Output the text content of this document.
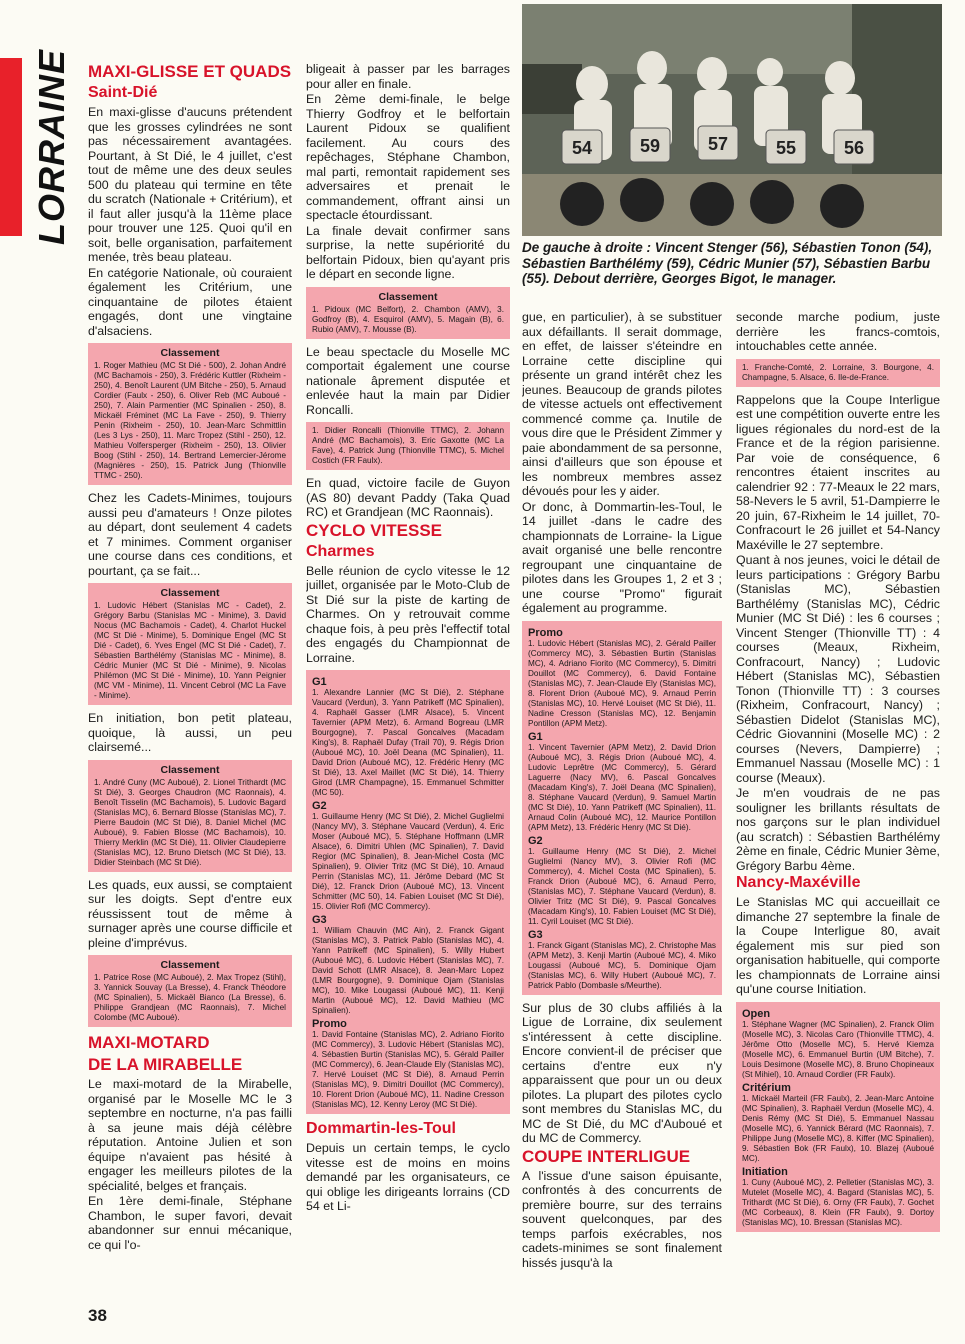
LORRAINE MAXI-GLISSE ET QUADS
Saint-Dié

En maxi-glisse d'aucuns prétendent que les grosses cylindrées ne sont pas nécessairement avantagées. Pourtant, à St Dié, le 4 juillet, c'est tout de même une des deux seules 500 du plateau qui termine en tête du scratch (Nationale + Critérium), et il faut aller jusqu'à la 11ème place pour trouver une 125. Quoi qu'il en soit, belle organisation, parfaitement menée, très beau plateau.

En catégorie Nationale, où couraient également les Critérium, une cinquantaine de pilotes étaient engagés, dont une vingtaine d'alsaciens.

Classement
1. Roger Mathieu (MC St Dié - 500), 2. Johan André (MC Bachamois - 250), 3. Frédéric Kuttler (Rixheim - 250), 4. Benoît Laurent (UM Bitche - 250), 5. Arnaud Cordier (Faulx - 250), 6. Oliver Reb (MC Auboué - 250), 7. Alain Parmentier (MC Spinalien - 250), 8. Mickaël Fréminet (MC La Fave - 250), 9. Thierry Penin (Rixheim - 250), 10. Jean-Marc Schmittlin (Les 3 Lys - 250), 11. Marc Tropez (Stihl - 250), 12. Mathieu Volfersperger (Rixheim - 250), 13. Olivier Boog (Stihl - 250), 14. Bertrand Lemercier-Jérome (Magnières - 250), 15. Patrick Jung (Thionville TTMC - 250).

Chez les Cadets-Minimes, toujours aussi peu d'amateurs ! Onze pilotes au départ, dont seulement 4 cadets et 7 minimes. Comment organiser une course dans ces conditions, et pourtant, ça se fait...

Classement
1. Ludovic Hébert (Stanislas MC - Cadet), 2. Grégory Barbu (Stanislas MC - Minime), 3. David Nocus (MC Bachamois - Cadet), 4. Charlot Huckel (MC St Dié - Minime), 5. Dominique Engel (MC St Dié - Cadet), 6. Yves Engel (MC St Dié - Cadet), 7. Sébastien Barthélémy (Stanislas MC - Minime), 8. Cédric Munier (MC St Dié - Minime), 9. Nicolas Philémon (MC St Dié - Minime), 10. Yann Peignier (MC VM - Minime), 11. Vincent Cebrol (MC La Fave - Minime).

En initiation, bon petit plateau, quoique, là aussi, un peu clairsemé...

Classement
1. André Cuny (MC Auboué), 2. Lionel Trithardt (MC St Dié), 3. Georges Chaudron (MC Raonnais), 4. Benoît Tisselin (MC Bachamois), 5. Ludovic Bagard (Stanislas MC), 6. Bernard Blosse (Stanislas MC), 7. Pierre Baudoin (MC St Dié), 8. Daniel Michel (MC Auboué), 9. Fabien Blosse (MC Bachamois), 10. Thierry Merklin (MC St Dié), 11. Olivier Claudepierre (Stanislas MC), 12. Bruno Dietsch (MC St Dié), 13. Didier Steinbach (MC St Dié).

Les quads, eux aussi, se comptaient sur les doigts. Sept d'entre eux réussissent tout de même à surnager après une course difficile et pleine d'imprévus.

Classement
1. Patrice Rose (MC Auboué), 2. Max Tropez (Stihl), 3. Yannick Souvay (La Bresse), 4. Franck Théodore (MC Spinalien), 5. Mickaël Bianco (La Bresse), 6. Philippe Grandjean (MC Raonnais), 7. Michel Colombe (MC Auboué).
MAXI-MOTARD
DE LA MIRABELLE

Le maxi-motard de la Mirabelle, organisé par le Moselle MC le 3 septembre en nocturne, n'a pas failli à sa jeune mais déjà célèbre réputation. Antoine Julien et son équipe n'avaient pas hésité à engager les meilleurs pilotes de la spécialité, belges et français.

En 1ère demi-finale, Stéphane Chambon, le super favori, devait abandonner sur ennui mécanique, ce qui l'o-

bligeait à passer par les barrages pour aller en finale.

En 2ème demi-finale, le belge Thierry Godfroy et le belfortain Laurent Pidoux se qualifient facilement. Au cours des repêchages, Stéphane Chambon, mal parti, remontait rapidement ses adversaires et prenait le commandement, offrant ainsi un spectacle étourdissant.

La finale devait confirmer sans surprise, la nette supériorité du belfortain Pidoux, bien qu'ayant pris le départ en seconde ligne.

Classement
1. Pidoux (MC Belfort), 2. Chambon (AMV), 3. Godfroy (B), 4. Esquirol (AMV), 5. Magain (B), 6. Rubio (AMV), 7. Mousse (B).

Le beau spectacle du Moselle MC comportait également une course nationale âprement disputée et enlevée haut la main par Didier Roncalli.

1. Didier Roncalli (Thionville TTMC), 2. Johann André (MC Bachamois), 3. Eric Gaxotte (MC La Fave), 4. Patrick Jung (Thionville TTMC), 5. Michel Costich (FR Faulx).

En quad, victoire facile de Guyon (AS 80) devant Paddy (Taka Quad RC) et Grandjean (MC Raonnais).

CYCLO VITESSE
Charmes

Belle réunion de cyclo vitesse le 12 juillet, organisée par le Moto-Club de St Dié sur la piste de karting de Charmes. On y retrouvait comme chaque fois, à peu près l'effectif total des engagés du Championnat de Lorraine.

G1
1. Alexandre Lannier (MC St Dié), 2. Stéphane Vaucard (Verdun), 3. Yann Patrikeff (MC Spinalien), 4. Raphaël Gasser (LMR Alsace), 5. Vincent Tavernier (APM Metz), 6. Armand Bogreau (LMR Bourgogne), 7. Pascal Goncalves (Macadam King's), 8. Raphaël Dufay (Trail 70), 9. Régis Drion (Auboué MC), 10. Joël Deana (MC Spinalien), 11. David Drion (Auboué MC), 12. Frédéric Henry (MC St Dié), 13. Axel Maillet (MC St Dié), 14. Thierry Girod (LMR Champagne), 15. Emmanuel Schmitter (MC 50).
G2
1. Guillaume Henry (MC St Dié), 2. Michel Guglielmi (Nancy MV), 3. Stéphane Vaucard (Verdun), 4. Eric Moser (Auboué MC), 5. Stéphane Hoffmann (LMR Alsace), 6. Dimitri Uhlen (MC Spinalien), 7. David Regior (MC Spinalien), 8. Jean-Michel Costa (MC Spinalien), 9. Olivier Tritz (MC St Dié), 10. Arnaud Perrin (Stanislas MC), 11. Jérôme Debard (MC St Dié), 12. Franck Drion (Auboué MC), 13. Vincent Schmitter (MC 50), 14. Fabien Louiset (MC St Dié), 15. Olivier Rofi (MC Commercy).
G3
1. William Chauvin (MC Ain), 2. Franck Gigant (Stanislas MC), 3. Patrick Pablo (Stanislas MC), 4. Yann Patrikeff (MC Spinalien), 5. Willy Hubert (Auboué MC), 6. Ludovic Hébert (Stanislas MC), 7. David Schott (LMR Alsace), 8. Jean-Marc Lopez (LMR Bourgogne), 9. Dominique Ojam (Stanislas MC), 10. Mike Lougassi (Auboué MC), 11. Kenji Martin (Auboué MC), 12. David Mathieu (MC Spinalien).
Promo
1. David Fontaine (Stanislas MC), 2. Adriano Fiorito (MC Commercy), 3. Ludovic Hébert (Stanislas MC), 4. Sébastien Burtin (Stanislas MC), 5. Gérald Pailler (MC Commercy), 6. Jean-Claude Ely (Stanislas MC), 7. Hervé Louiset (MC St Dié), 8. Arnaud Perrin (Stanislas MC), 9. Dimitri Douillot (MC Commercy), 10. Florent Drion (Auboué MC), 11. Nadine Cresson (Stanislas MC), 12. Kenny Leroy (MC St Dié).
Dommartin-les-Toul

Depuis un certain temps, le cyclo vitesse est de moins en moins demandé par les organisateurs, ce qui oblige les dirigeants lorrains (CD 54 et Li-

54	59	57	55	56
De gauche à droite : Vincent Stenger (56), Sébastien Tonon (54), Sébastien Barthélémy (59), Cédric Munier (57), Sébastien Barbu (55). Debout derrière, Georges Bigot, le manager.

gue, en particulier), à se substituer aux défaillants. Il serait dommage, en effet, de laisser s'éteindre en Lorraine cette discipline qui présente un grand intérêt chez les jeunes. Beaucoup de grands pilotes de vitesse actuels ont effectivement commencé comme ça. Inutile de vous dire que le Président Zimmer y paie abondamment de sa personne, ainsi d'ailleurs que son épouse et les nombreux membres assez dévoués pour les y aider.

Or donc, à Dommartin-les-Toul, le 14 juillet -dans le cadre des championnats de Lorraine- la Ligue avait organisé une belle rencontre regroupant une cinquantaine de pilotes dans les Groupes 1, 2 et 3 ; une course "Promo" figurait également au programme.

Promo
1. Ludovic Hébert (Stanislas MC), 2. Gérald Pailler (Commercy MC), 3. Sébastien Burtin (Stanislas MC), 4. Adriano Fiorito (MC Commercy), 5. Dimitri Douillot (MC Commercy), 6. David Fontaine (Stanislas MC), 7. Jean-Claude Ely (Stanislas MC), 8. Florent Drion (Auboué MC), 9. Arnaud Perrin (Stanislas MC), 10. Hervé Louiset (MC St Dié), 11. Nadine Cresson (Stanislas MC), 12. Benjamin Pontillon (APM Metz).
G1
1. Vincent Tavernier (APM Metz), 2. David Drion (Auboué MC), 3. Régis Drion (Auboué MC), 4. Ludovic Leprêtre (MC Commercy), 5. Gérard Laguerre (Nacy MV), 6. Pascal Goncalves (Macadam King's), 7. Joël Deana (MC Spinalien), 8. Stéphane Vaucard (Verdun), 9. Samuel Martin (MC St Dié), 10. Yann Patrikeff (MC Spinalien), 11. Arnaud Colin (Auboué MC), 12. Maurice Pontillon (APM Metz), 13. Frédéric Henry (MC St Dié).
G2
1. Guillaume Henry (MC St Dié), 2. Michel Guglielmi (Nancy MV), 3. Olivier Rofi (MC Commercy), 4. Michel Costa (MC Spinalien), 5. Franck Drion (Auboué MC), 6. Arnaud Perro, (Stanislas MC), 7. Stéphane Vaucard (Verdun), 8. Olivier Tritz (MC St Dié), 9. Pascal Goncalves (Macadam King's), 10. Fabien Louiset (MC St Dié), 11. Cyril Louiset (MC St Dié).
G3
1. Franck Gigant (Stanislas MC), 2. Christophe Mas (APM Metz), 3. Kenji Martin (Auboué MC), 4. Miko Lougassi (Auboué MC), 5. Dominique Ojam (Stanislas MC), 6. Willy Hubert (Auboué MC), 7. Patrick Pablo (Dombasle s/Meurthe).

Sur plus de 30 clubs affiliés à la Ligue de Lorraine, dix seulement s'intéressent à cette discipline. Encore convient-il de préciser que certains d'entre eux n'y apparaissent que pour un ou deux pilotes. La plupart des pilotes cyclo sont membres du Stanislas MC, du MC de St Dié, du MC d'Auboué et du MC de Commercy.

COUPE INTERLIGUE

A l'issue d'une saison épuisante, confrontés à des concurrents de première bourre, sur des terrains souvent quelconques, par des temps parfois exécrables, nos cadets-minimes se sont finalement hissés jusqu'à la

seconde marche podium, juste derrière les francs-comtois, intouchables cette année.

1. Franche-Comté, 2. Lorraine, 3. Bourgone, 4. Champagne, 5. Alsace, 6. Ile-de-France.

Rappelons que la Coupe Interligue est une compétition ouverte entre les ligues régionales du nord-est de la France et de la région parisienne. Par voie de conséquence, 6 rencontres étaient inscrites au calendrier 92 : 77-Meaux le 22 mars, 58-Nevers le 5 avril, 51-Dampierre le 20 juin, 67-Rixheim le 14 juillet, 70-Confracourt le 26 juillet et 54-Nancy Maxéville le 27 septembre.

Quant à nos jeunes, voici le détail de leurs participations : Grégory Barbu (Stanislas MC), Sébastien Barthélémy (Stanislas MC), Cédric Munier (MC St Dié) : les 6 courses ; Vincent Stenger (Thionville TT) : 4 courses (Meaux, Rixheim, Confracourt, Nancy) ; Ludovic Hébert (Stanislas MC), Sébastien Tonon (Thionville TT) : 3 courses (Rixheim, Confracourt, Nancy) ; Sébastien Didelot (Stanislas MC), Cédric Giovannini (Moselle MC) : 2 courses (Nevers, Dampierre) ; Emmanuel Nassau (Moselle MC) : 1 course (Meaux).

Je m'en voudrais de ne pas souligner les brillants résultats de nos garçons sur le plan individuel (au scratch) : Sébastien Barthélémy 2ème en finale, Cédric Munier 3ème, Grégory Barbu 4ème.

Nancy-Maxéville

Le Stanislas MC qui accueillait ce dimanche 27 septembre la finale de la Coupe Interligue 80, avait également mis sur pied son organisation habituelle, qui comporte les championnats de Lorraine ainsi qu'une course Initiation.

Open
1. Stéphane Wagner (MC Spinalien), 2. Franck Olim (Moselle MC), 3. Nicolas Caro (Thionville TTMC), 4. Jérôme Otto (Moselle MC), 5. Hervé Kiemza (Moselle MC), 6. Emmanuel Burtin (UM Bitche), 7. Louis Desimone (Moselle MC), 8. Bruno Chopineaux (St Mihiel), 10. Arnaud Cordier (FR Faulx).
Critérium
1. Mickaël Marteil (FR Faulx), 2. Jean-Marc Antoine (MC Spinalien), 3. Raphaël Verdun (Moselle MC), 4. Denis Rémy (MC St Dié), 5. Emmanuel Nassau (Moselle MC), 6. Yannick Bérard (MC Raonnais), 7. Philippe Jung (Moselle MC), 8. Kiffer (MC Spinalien), 9. Sébastien Bok (FR Faulx), 10. Blazej (Auboué MC).
Initiation
1. Cuny (Auboué MC), 2. Pelletier (Stanislas MC), 3. Mutelet (Moselle MC), 4. Bagard (Stanislas MC), 5. Trithardt (MC St Dié), 6. Orny (FR Faulx), 7. Gochet (MC Corbeaux), 8. Klein (FR Faulx), 9. Dortoy (Stanislas MC), 10. Bressan (Stanislas MC).
38
